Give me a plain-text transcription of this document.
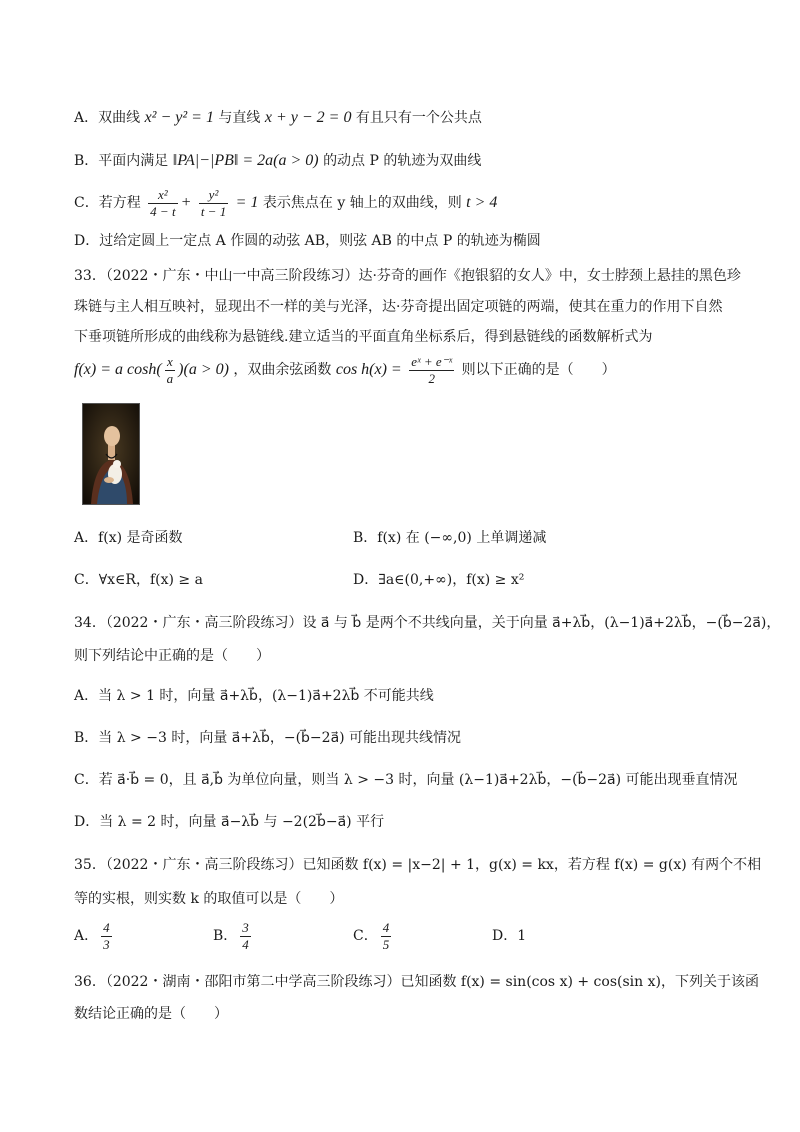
A．双曲线 x² − y² = 1 与直线 x + y − 2 = 0 有且只有一个公共点
B．平面内满足 ‖PA|−|PB‖ = 2a(a > 0) 的动点 P 的轨迹为双曲线
C．若方程 $\frac{\text{x²}}{4 - t} + \frac{\text{y²}}{t - 1} = 1$ 表示焦点在 y 轴上的双曲线，则 t > 4
D．过给定圆上一定点 A 作圆的动弦 AB，则弦 AB 的中点 P 的轨迹为椭圆
33．（2022・广东・中山一中高三阶段练习）达·芬奇的画作《抱银貂的女人》中，女士脖颈上悬挂的黑色珍
珠链与主人相互映衬，显现出不一样的美与光泽，达·芬奇提出固定项链的两端，使其在重力的作用下自然
下垂项链所形成的曲线称为悬链线.建立适当的平面直角坐标系后，得到悬链线的函数解析式为
f(x) = a $\cosh( \frac{x}{a} )(a > 0)$ ，双曲余弦函数 $\cos h(x) = \frac{\text{eˣ + e⁻ˣ}}{2}$ 则以下正确的是（　　）
A．f(x) 是奇函数	B．f(x) 在 (−∞,0) 上单调递减
C．∀x∈R，f(x) ≥ a	D．∃a∈(0,+∞)，f(x) ≥ x²
34．（2022・广东・高三阶段练习）设 a⃗ 与 b⃗ 是两个不共线向量，关于向量 a⃗+λb⃗，(λ−1)a⃗+2λb⃗，−(b⃗−2a⃗)，
则下列结论中正确的是（　　）
A．当 λ > 1 时，向量 a⃗+λb⃗，(λ−1)a⃗+2λb⃗ 不可能共线
B．当 λ > −3 时，向量 a⃗+λb⃗，−(b⃗−2a⃗) 可能出现共线情况
C．若 a⃗·b⃗ = 0，且 a⃗,b⃗ 为单位向量，则当 λ > −3 时，向量 (λ−1)a⃗+2λb⃗，−(b⃗−2a⃗) 可能出现垂直情况
D．当 λ = 2 时，向量 a⃗−λb⃗ 与 −2(2b⃗−a⃗) 平行
35．（2022・广东・高三阶段练习）已知函数 f(x) = |x−2| + 1，g(x) = kx，若方程 f(x) = g(x) 有两个不相
等的实根，则实数 k 的取值可以是（　　）
A． $\frac{4}{3}$	B． $\frac{3}{4}$	C． $\frac{4}{5}$	D．1
36．（2022・湖南・邵阳市第二中学高三阶段练习）已知函数 f(x) = sin(cos x) + cos(sin x)，下列关于该函
数结论正确的是（　　）
